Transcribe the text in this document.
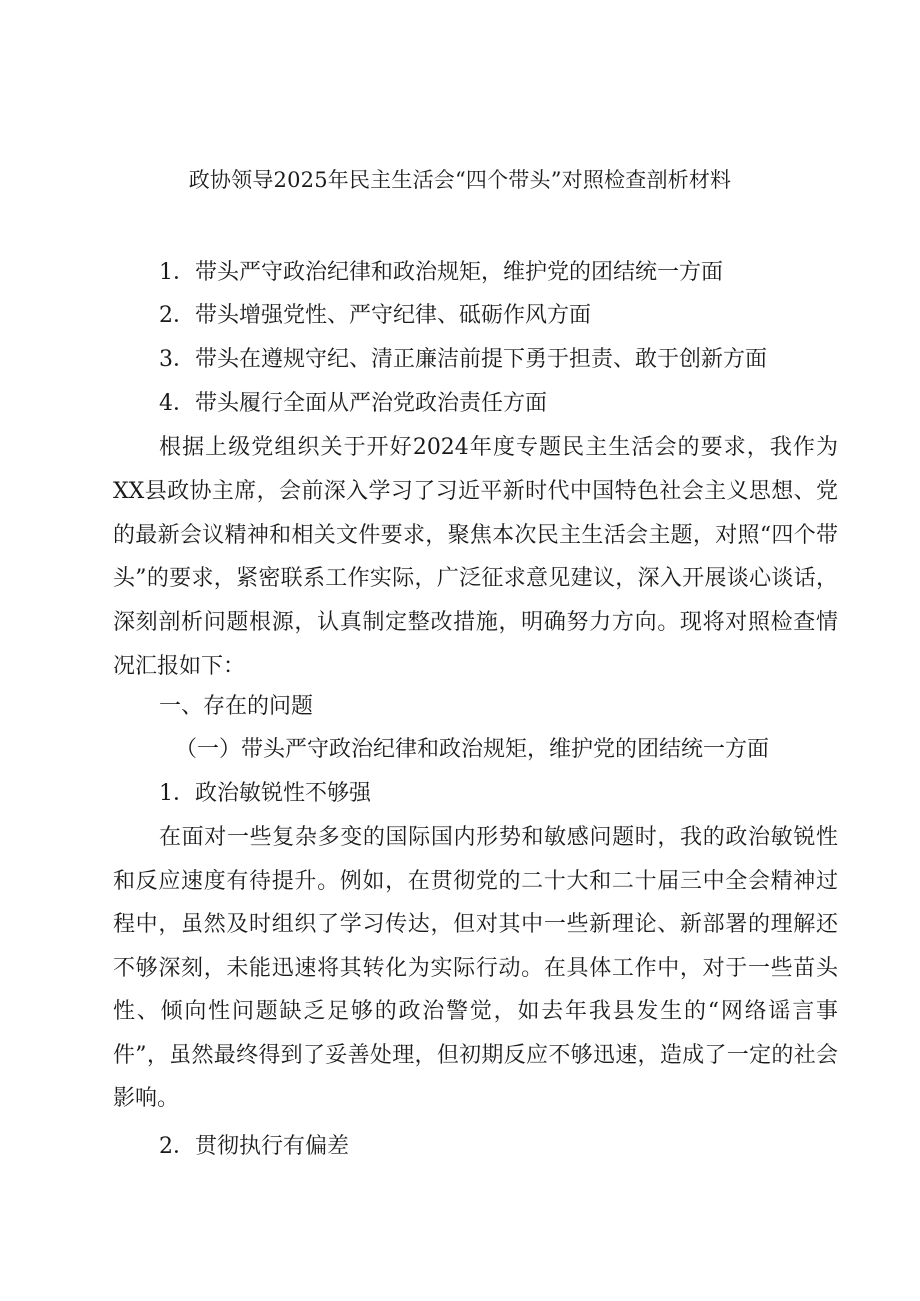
政协领导2025年民主生活会“四个带头”对照检查剖析材料
1．带头严守政治纪律和政治规矩，维护党的团结统一方面
2．带头增强党性、严守纪律、砥砺作风方面
3．带头在遵规守纪、清正廉洁前提下勇于担责、敢于创新方面
4．带头履行全面从严治党政治责任方面
根据上级党组织关于开好2024年度专题民主生活会的要求，我作为XX县政协主席，会前深入学习了习近平新时代中国特色社会主义思想、党的最新会议精神和相关文件要求，聚焦本次民主生活会主题，对照“四个带头”的要求，紧密联系工作实际，广泛征求意见建议，深入开展谈心谈话，深刻剖析问题根源，认真制定整改措施，明确努力方向。现将对照检查情况汇报如下：
一、存在的问题
（一）带头严守政治纪律和政治规矩，维护党的团结统一方面
1．政治敏锐性不够强
在面对一些复杂多变的国际国内形势和敏感问题时，我的政治敏锐性和反应速度有待提升。例如，在贯彻党的二十大和二十届三中全会精神过程中，虽然及时组织了学习传达，但对其中一些新理论、新部署的理解还不够深刻，未能迅速将其转化为实际行动。在具体工作中，对于一些苗头性、倾向性问题缺乏足够的政治警觉，如去年我县发生的“网络谣言事件”，虽然最终得到了妥善处理，但初期反应不够迅速，造成了一定的社会影响。
2．贯彻执行有偏差
